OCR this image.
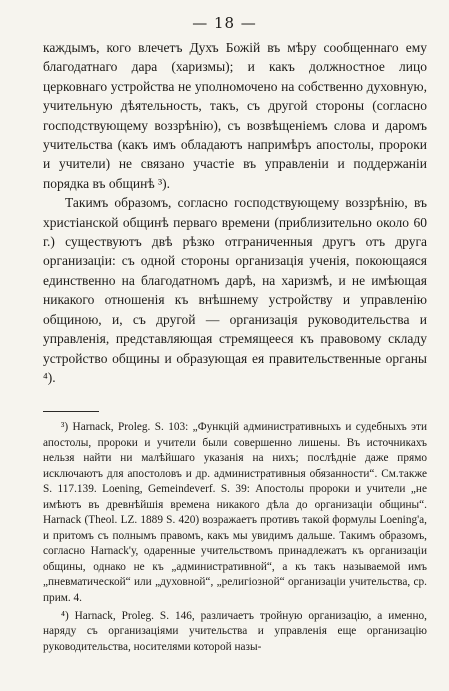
— 18 —

каждымъ, кого влечетъ Духъ Божій въ мѣру сообщеннаго ему благодатнаго дара (харизмы); и какъ должностное лицо церковнаго устройства не уполномочено на собственно духовную, учительную дѣятельность, такъ, съ другой стороны (согласно господствующему воззрѣнію), съ возвѣщеніемъ слова и даромъ учительства (какъ имъ обладаютъ напримѣръ апостолы, пророки и учители) не связано участіе въ управленіи и поддержаніи порядка въ общинѣ ³).

Такимъ образомъ, согласно господствующему воззрѣнію, въ христіанской общинѣ перваго времени (приблизительно около 60 г.) существуютъ двѣ рѣзко отграниченныя другъ отъ друга организаціи: съ одной стороны организація ученія, покоющаяся единственно на благодатномъ дарѣ, на харизмѣ, и не имѣющая никакого отношенія къ внѣшнему устройству и управленію общиною, и, съ другой — организація руководительства и управленія, представляющая стремящееся къ правовому складу устройство общины и образующая ея правительственные органы ⁴).

³) Harnack, Proleg. S. 103: „Функцій административныхъ и судебныхъ эти апостолы, пророки и учители были совершенно лишены. Въ источникахъ нельзя найти ни малѣйшаго указанія на нихъ; послѣдніе даже прямо исключаютъ для апостоловъ и др. административныя обязанности“. См.также S. 117.139. Loening, Gemeindeverf. S. 39: Апостолы пророки и учители „не имѣютъ въ древнѣйшія времена никакого дѣла до организаціи общины“. Harnack (Theol. LZ. 1889 S. 420) возражаетъ противъ такой формулы Loening'a, и притомъ съ полнымъ правомъ, какъ мы увидимъ дальше. Такимъ образомъ, согласно Harnack'у, одаренные учительствомъ принадлежатъ къ организаціи общины, однако не къ „административной“, а къ такъ называемой имъ „пневматической“ или „духовной“, „религіозной“ организаціи учительства, ср. прим. 4.

⁴) Harnack, Proleg. S. 146, различаетъ тройную организацію, а именно, наряду съ организаціями учительства и управленія еще организацію руководительства, носителями которой назы-
